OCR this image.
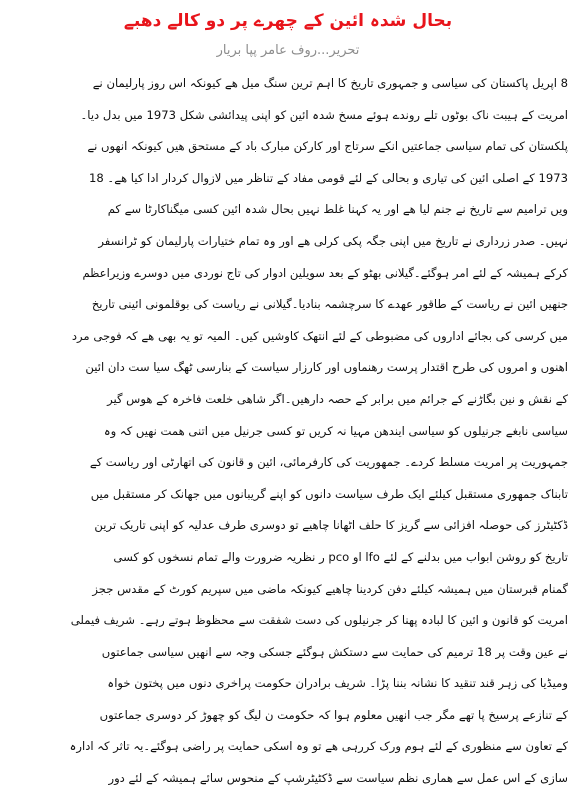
بحال شدہ ائین کے چھرے پر دو کالے دھبے
تحریر...روف عامر پپا بریار
8 اپریل پاکستان کی سیاسی و جمہوری تاریخ کا اہم ترین سنگ میل ھے کیونکہ اس روز پارلیمان نے
امریت کے ہیبت ناک بوٹوں تلے روندے ہوئے مسخ شدہ ائین کو اپنی پیدائشی شکل 1973 میں بدل دیا۔
پلکستان کی تمام سیاسی جماعتیں انکے سرتاج اور کارکن مبارک باد کے مستحق ھیں کیونکہ انھوں نے
1973 کے اصلی ائین کی تیاری و بحالی کے لئے قومی مفاد کے تناظر میں لازوال کردار ادا کیا ھے۔ 18
ویں ترامیم سے تاریخ نے جنم لیا ھے اور یہ کہنا غلط نہیں بحال شدہ ائین کسی میگناکارٹا سے کم
نہیں۔ صدر زرداری نے تاریخ میں اپنی جگہ پکی کرلی ھے اور وہ تمام ختیارات پارلیمان کو ٹرانسفر
کرکے ہمیشہ کے لئے امر ہوگئے۔گیلانی بھٹو کے بعد سویلین ادوار کی تاج نوردی میں دوسرے وزیراعظم
جنھیں ائین نے ریاست کے طاقور عھدے کا سرچشمہ بنادیا۔گیلانی نے ریاست کی بوقلمونی ائینی تاریخ
میں کرسی کی بجائے اداروں کی مضبوطی کے لئے انتھک کاوشیں کیں۔ المیہ تو یہ بھی ھے کہ فوجی مرد
اھنوں و امروں کی طرح اقتدار پرست رھنماوں اور کارزار سیاست کے بنارسی ٹھگ سیا ست دان ائین
کے نقش و نین بگاڑنے کے جرائم میں برابر کے حصہ دارھیں۔اگر شاھی خلعت فاخرہ کے ھوس گیر
سیاسی نابغے جرنیلوں کو سیاسی ایندھن مہیا نہ کریں تو کسی جرنیل میں اتنی ھمت نھیں کہ وہ
جمہوریت پر امریت مسلط کردے۔ جمھوریت کی کارفرمائی، ائین و قانون کی اتھارٹی اور ریاست کے
تابناک جمھوری مستقبل کیلئے ایک طرف سیاست دانوں کو اپنے گریبانوں میں جھانک کر مستقبل میں
ڈکٹیٹرز کی حوصلہ افزائی سے گریز کا حلف اٹھانا چاھیے تو دوسری طرف عدلیہ کو اپنی تاریک ترین
تاریخ کو روشن ابواب میں بدلنے کے لئے lfo او pco ر نظریہ ضرورت والے تمام نسخوں کو کسی
گمنام قبرستان میں ہمیشہ کیلئے دفن کردینا چاھیے کیونکہ ماضی میں سپریم کورٹ کے مقدس ججز
امریت کو قانون و ائین کا لبادہ پھنا کر جرنیلوں کی دست شفقت سے محظوظ ہوتے رہے۔ شریف فیملی
نے عین وقت پر 18 ترمیم کی حمایت سے دستکش ہوگئے جسکی وجہ سے انھیں سیاسی جماعتوں
ومیڈیا کی زہر قند تنقید کا نشانہ بننا پڑا۔ شریف برادران حکومت پراخری دنوں میں پختون خواہ
کے تنازعے پرسیخ پا تھے مگر جب انھیں معلوم ہوا کہ حکومت ن لیگ کو چھوڑ کر دوسری جماعتوں
کے تعاون سے منظوری کے لئے ہوم ورک کررہی ھے تو وہ اسکی حمایت پر راضی ہوگئے۔یہ تاثر کہ ادارہ
سازی کے اس عمل سے ھماری نظم سیاست سے ڈکٹیٹرشپ کے منحوس سائے ہمیشہ کے لئے دور
